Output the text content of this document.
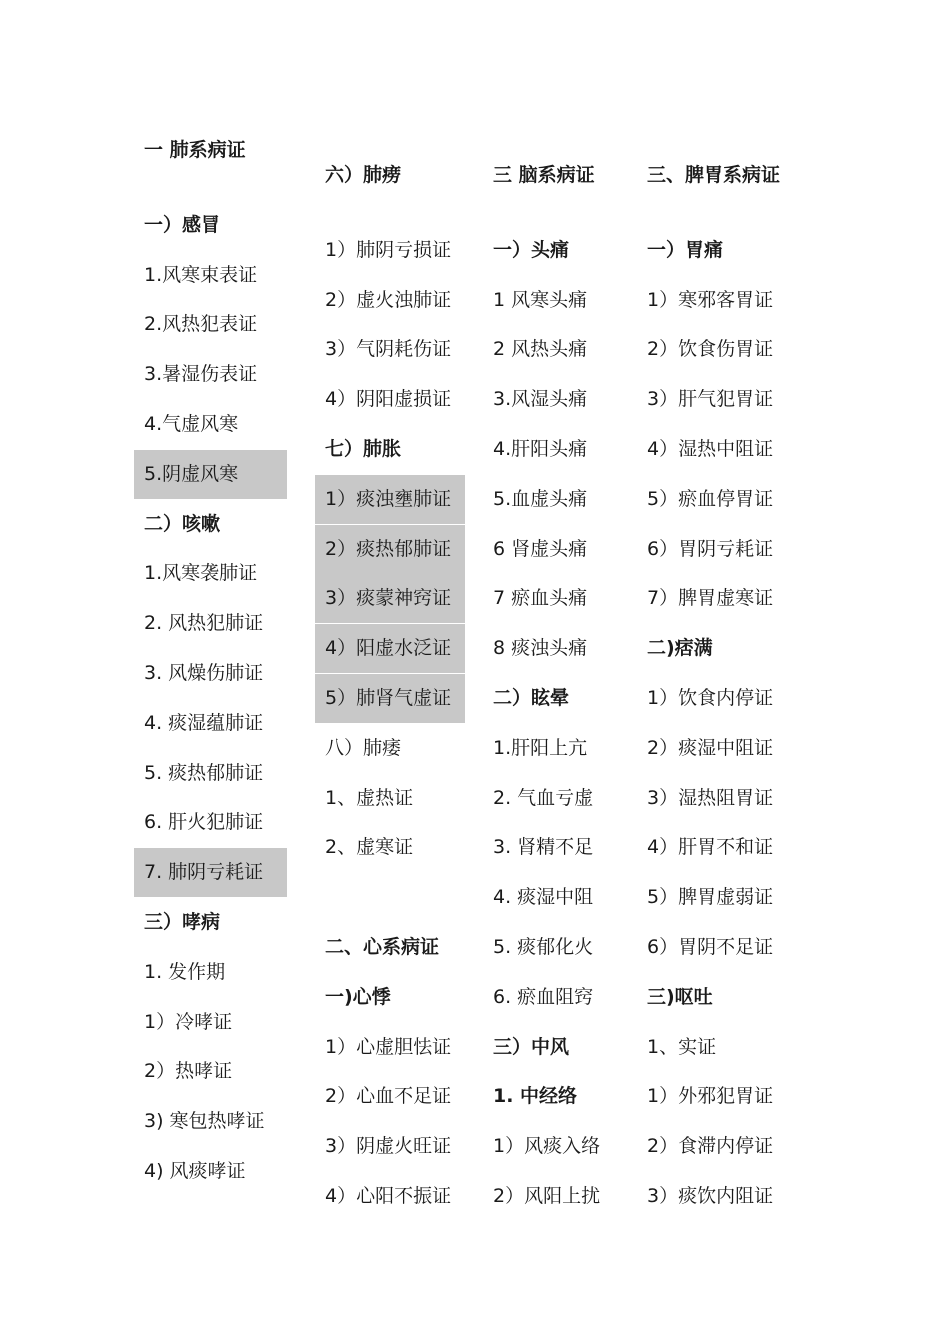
一 肺系病证
一）感冒
1.风寒束表证
2.风热犯表证
3.暑湿伤表证
4.气虚风寒
5.阴虚风寒
二）咳嗽
1.风寒袭肺证
2. 风热犯肺证
3. 风燥伤肺证
4. 痰湿蕴肺证
5. 痰热郁肺证
6. 肝火犯肺证
7. 肺阴亏耗证
三）哮病
1. 发作期
1）冷哮证
2）热哮证
3) 寒包热哮证
4) 风痰哮证
六）肺痨
1）肺阴亏损证
2）虚火浊肺证
3）气阴耗伤证
4）阴阳虚损证
七）肺胀
1）痰浊壅肺证
2）痰热郁肺证
3）痰蒙神窍证
4）阳虚水泛证
5）肺肾气虚证
八）肺痿
1、虚热证
2、虚寒证
二、心系病证
一)心悸
1）心虚胆怯证
2）心血不足证
3）阴虚火旺证
4）心阳不振证
三 脑系病证
一）头痛
1 风寒头痛
2 风热头痛
3.风湿头痛
4.肝阳头痛
5.血虚头痛
6 肾虚头痛
7 瘀血头痛
8 痰浊头痛
二）眩晕
1.肝阳上亢
2. 气血亏虚
3. 肾精不足
4. 痰湿中阻
5. 痰郁化火
6. 瘀血阻窍
三）中风
1. 中经络
1）风痰入络
2）风阳上扰
三、脾胃系病证
一）胃痛
1）寒邪客胃证
2）饮食伤胃证
3）肝气犯胃证
4）湿热中阻证
5）瘀血停胃证
6）胃阴亏耗证
7）脾胃虚寒证
二)痞满
1）饮食内停证
2）痰湿中阻证
3）湿热阻胃证
4）肝胃不和证
5）脾胃虚弱证
6）胃阴不足证
三)呕吐
1、实证
1）外邪犯胃证
2）食滞内停证
3）痰饮内阻证
